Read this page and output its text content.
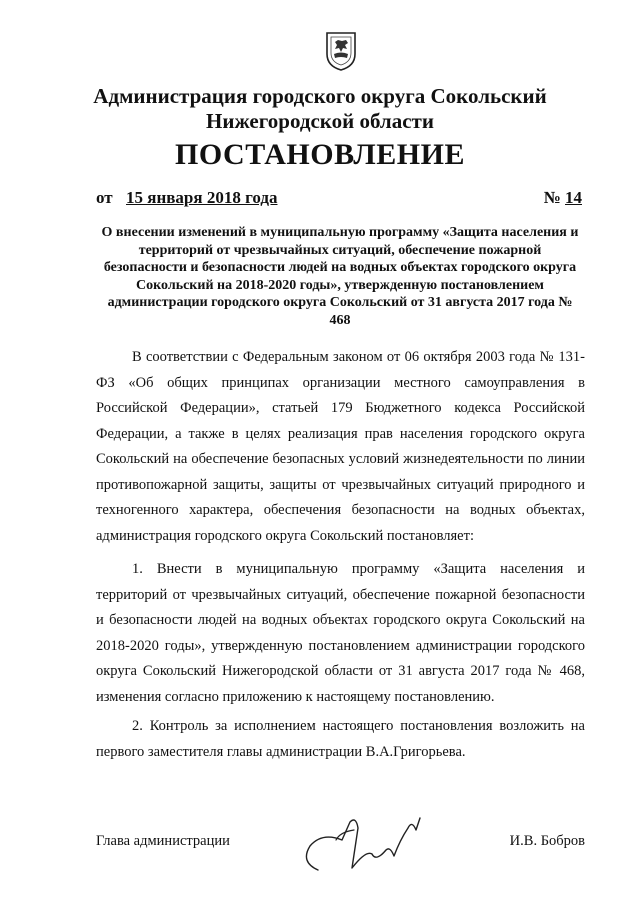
Администрация городского округа Сокольский
Нижегородской области
ПОСТАНОВЛЕНИЕ
от 15 января 2018 года	№ 14
О внесении изменений в муниципальную программу «Защита населения и территорий от чрезвычайных ситуаций, обеспечение пожарной безопасности и безопасности людей на водных объектах городского округа Сокольский на 2018-2020 годы», утвержденную постановлением администрации городского округа Сокольский от 31 августа 2017 года № 468

В соответствии с Федеральным законом от 06 октября 2003 года № 131-ФЗ «Об общих принципах организации местного самоуправления в Российской Федерации», статьей 179 Бюджетного кодекса Российской Федерации, а также в целях реализация прав населения городского округа Сокольский на обеспечение безопасных условий жизнедеятельности по линии противопожарной защиты, защиты от чрезвычайных ситуаций природного и техногенного характера, обеспечения безопасности на водных объектах, администрация городского округа Сокольский постановляет:

1. Внести в муниципальную программу «Защита населения и территорий от чрезвычайных ситуаций, обеспечение пожарной безопасности и безопасности людей на водных объектах городского округа Сокольский на 2018-2020 годы», утвержденную постановлением администрации городского округа Сокольский Нижегородской области от 31 августа 2017 года № 468, изменения согласно приложению к настоящему постановлению.

2. Контроль за исполнением настоящего постановления возложить на первого заместителя главы администрации В.А.Григорьева.

Глава администрации	И.В. Бобров
